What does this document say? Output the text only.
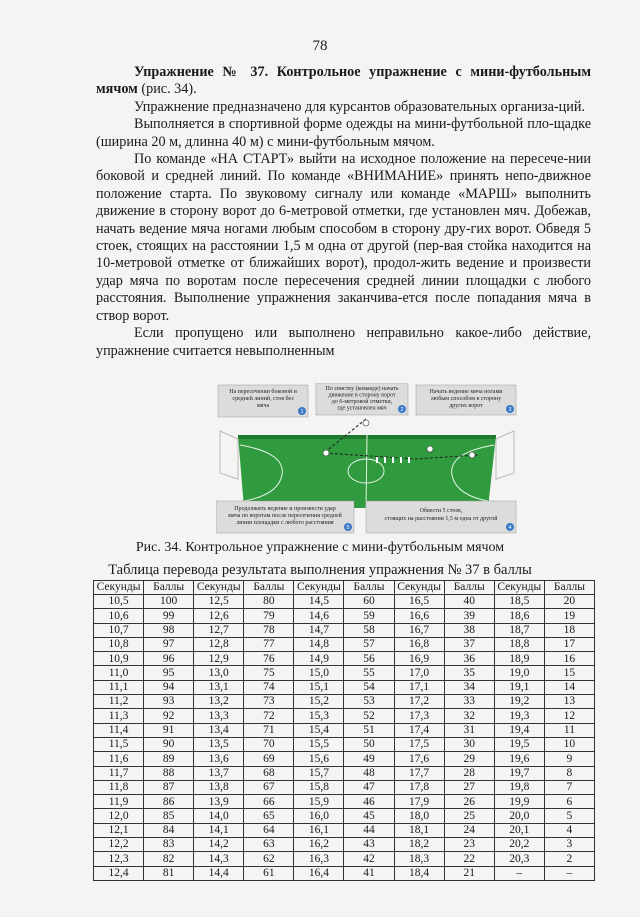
78

Упражнение № 37. Контрольное упражнение с мини-футбольным мячом (рис. 34).

Упражнение предназначено для курсантов образовательных организа-ций.

Выполняется в спортивной форме одежды на мини-футбольной пло-щадке (ширина 20 м, длинна 40 м) с мини-футбольным мячом.

По команде «НА СТАРТ» выйти на исходное положение на пересече-нии боковой и средней линий. По команде «ВНИМАНИЕ» принять непо-движное положение старта. По звуковому сигналу или команде «МАРШ» выполнить движение в сторону ворот до 6-метровой отметки, где установлен мяч. Добежав, начать ведение мяча ногами любым способом в сторону дру-гих ворот. Обведя 5 стоек, стоящих на расстоянии 1,5 м одна от другой (пер-вая стойка находится на 10-метровой отметке от ближайших ворот), продол-жить ведение и произвести удар мяча по воротам после пересечения средней линии площадки с любого расстояния. Выполнение упражнения заканчива-ется после попадания мяча в створ ворот.

Если пропущено или выполнено неправильно какое-либо действие, упражнение считается невыполненным

На пересечении боковой и
средней линий, стоя без
мяча
1
По свистку (команде) начать
движение в сторону ворот
до 6-метровой отметки,
где установлен мяч	2
Начать ведение мяча ногами
любым способом в сторону
других ворот
3
Продолжить ведение и произвести удар
мяча по воротам после пересечения средней
линии площадки с любого расстояния
5
Обвести 5 стоек,
стоящих на расстоянии 1,5 м одна от другой
4
Рис. 34. Контрольное упражнение с мини-футбольным мячом
Таблица перевода результата выполнения упражнения № 37 в баллы
Секунды	Баллы	Секунды	Баллы	Секунды	Баллы	Секунды	Баллы	Секунды	Баллы
10,5	100	12,5	80	14,5	60	16,5	40	18,5	20
10,6	99	12,6	79	14,6	59	16,6	39	18,6	19
10,7	98	12,7	78	14,7	58	16,7	38	18,7	18
10,8	97	12,8	77	14,8	57	16,8	37	18,8	17
10,9	96	12,9	76	14,9	56	16,9	36	18,9	16
11,0	95	13,0	75	15,0	55	17,0	35	19,0	15
11,1	94	13,1	74	15,1	54	17,1	34	19,1	14
11,2	93	13,2	73	15,2	53	17,2	33	19,2	13
11,3	92	13,3	72	15,3	52	17,3	32	19,3	12
11,4	91	13,4	71	15,4	51	17,4	31	19,4	11
11,5	90	13,5	70	15,5	50	17,5	30	19,5	10
11,6	89	13,6	69	15,6	49	17,6	29	19,6	9
11,7	88	13,7	68	15,7	48	17,7	28	19,7	8
11,8	87	13,8	67	15,8	47	17,8	27	19,8	7
11,9	86	13,9	66	15,9	46	17,9	26	19,9	6
12,0	85	14,0	65	16,0	45	18,0	25	20,0	5
12,1	84	14,1	64	16,1	44	18,1	24	20,1	4
12,2	83	14,2	63	16,2	43	18,2	23	20,2	3
12,3	82	14,3	62	16,3	42	18,3	22	20,3	2
12,4	81	14,4	61	16,4	41	18,4	21	–	–
